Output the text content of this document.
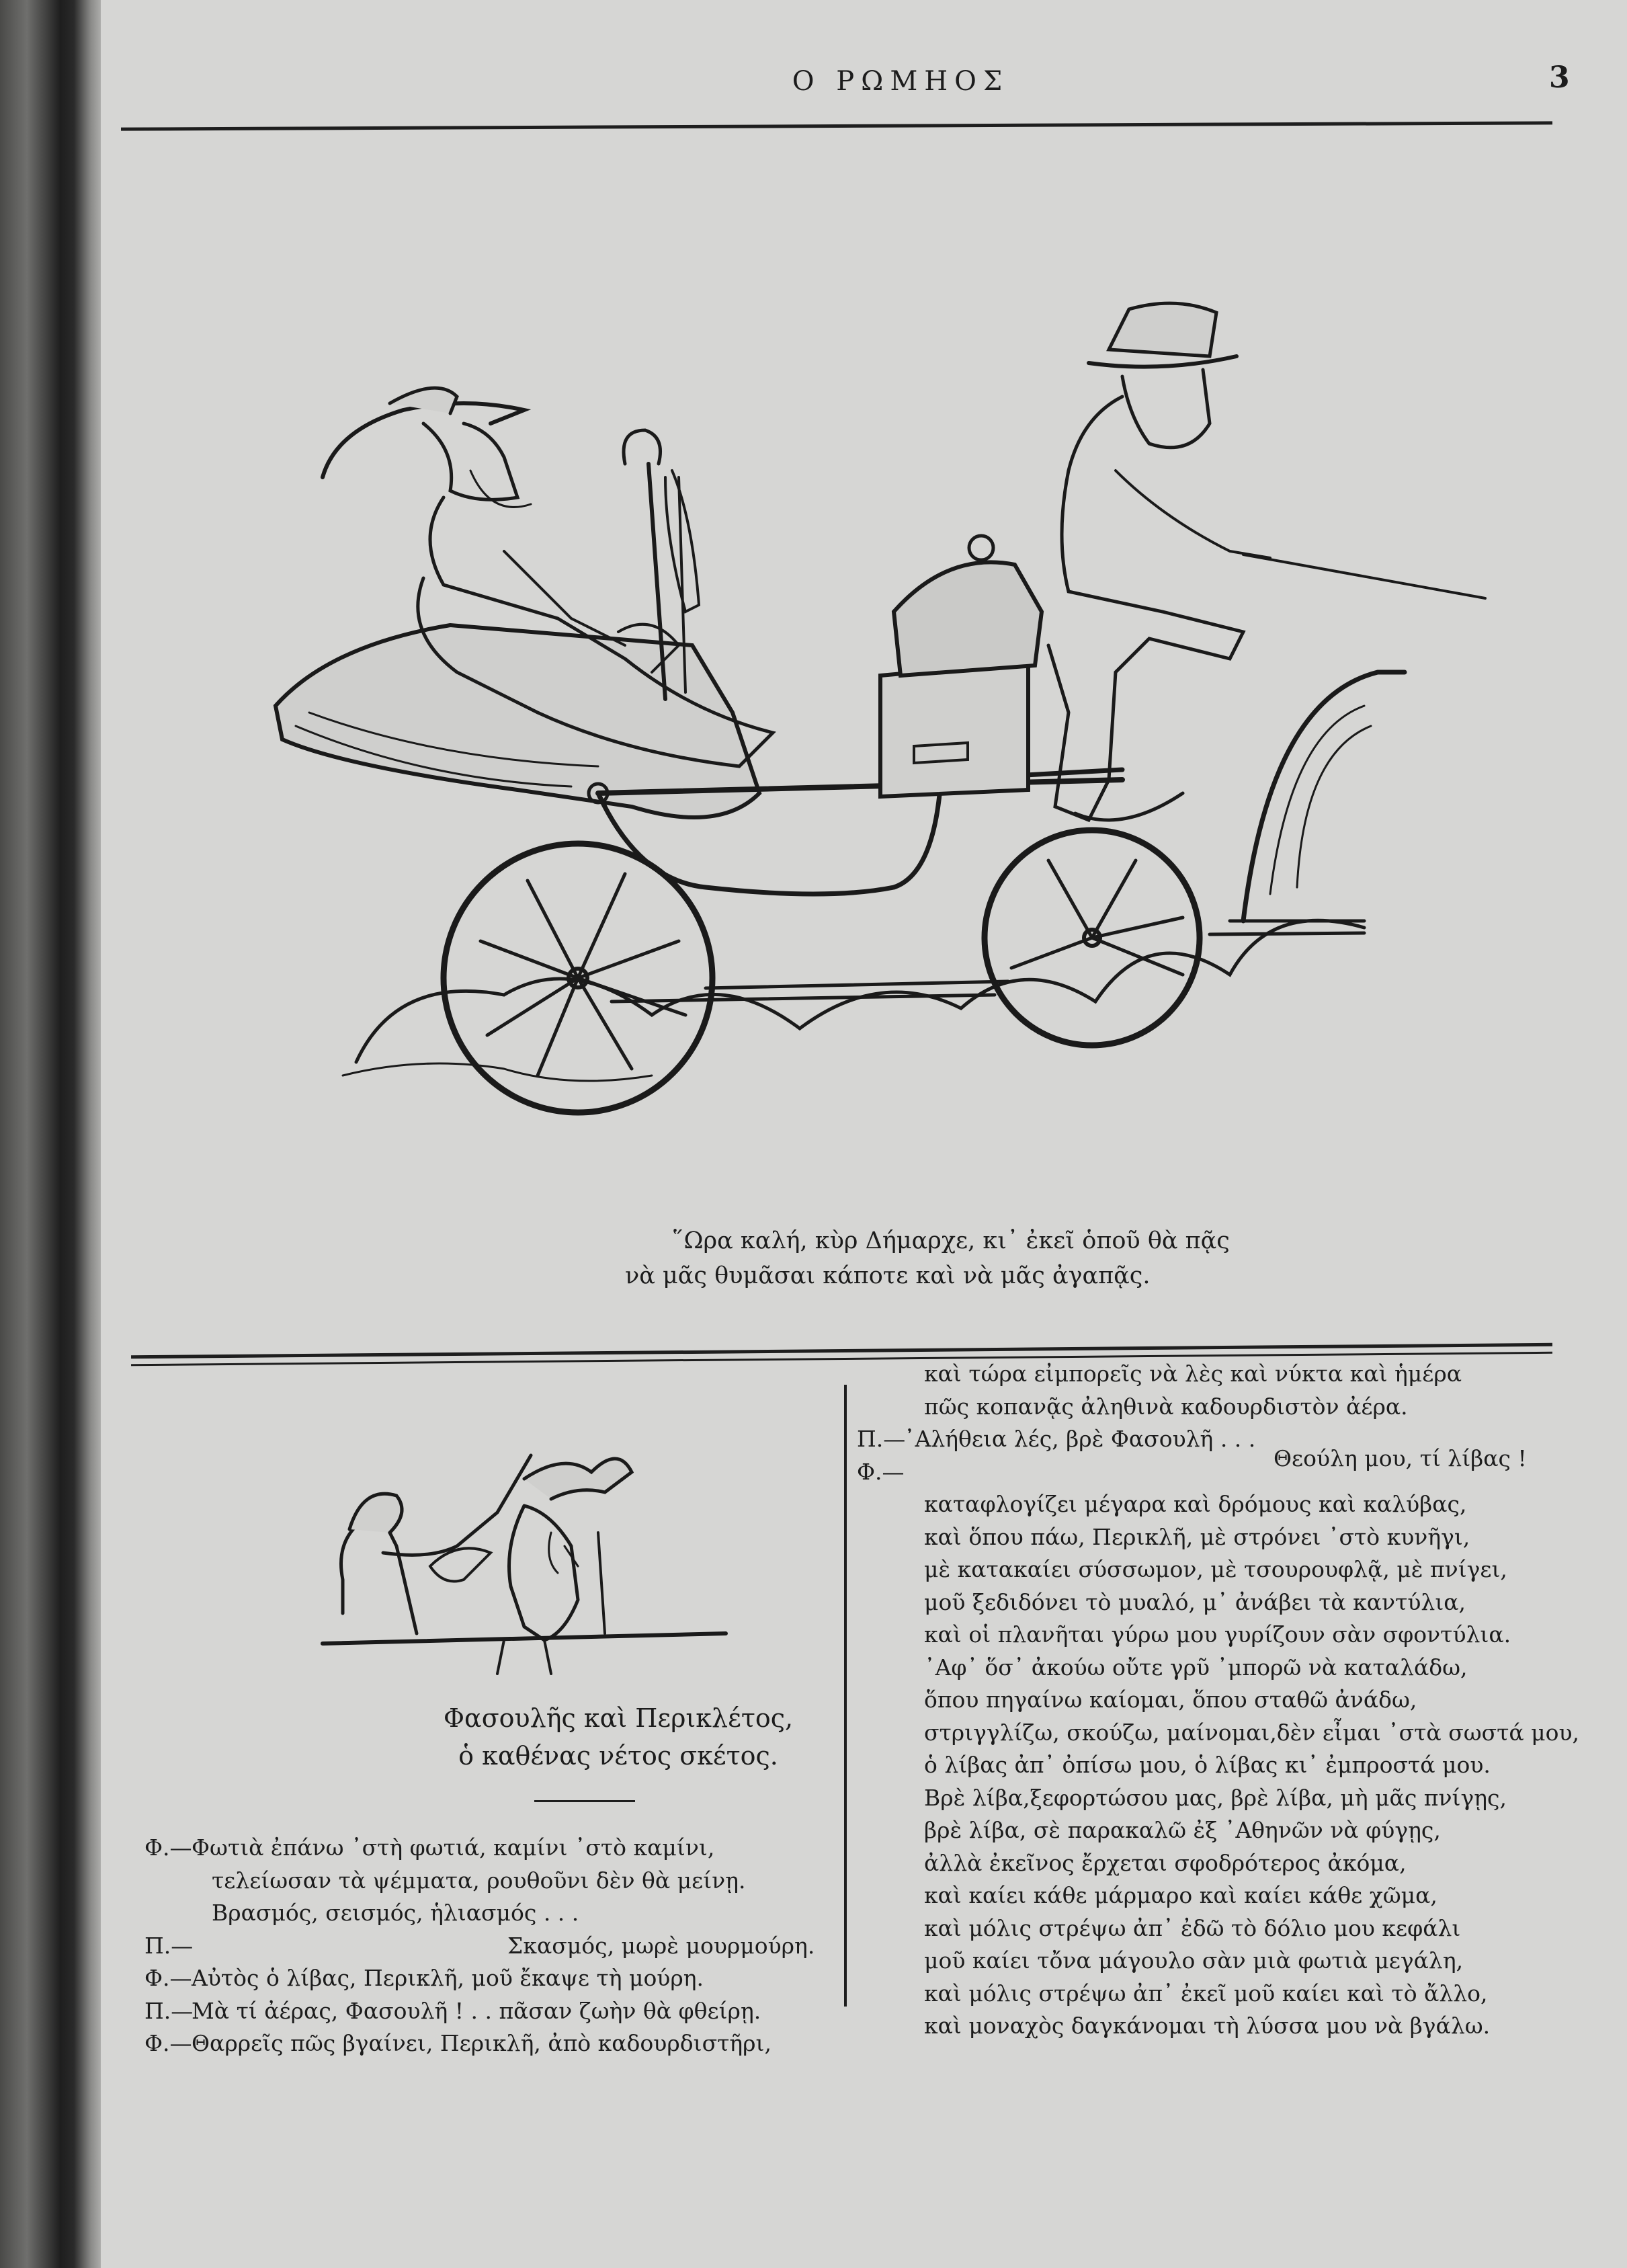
Ο ΡΩΜΗΟΣ	3
῞Ωρα καλή, κὺρ Δήμαρχε, κι᾿ ἐκεῖ ὁποῦ θὰ πᾷς
νὰ μᾶς θυμᾶσαι κάποτε καὶ νὰ μᾶς ἀγαπᾷς.
Φασουλῆς καὶ Περικλέτος,
ὁ καθένας νέτος σκέτος.
Φ.—Φωτιὰ ἐπάνω ᾿στὴ φωτιά, καμίνι ᾿στὸ καμίνι,
τελείωσαν τὰ ψέμματα, ρουθοῦνι δὲν θὰ μείνῃ.
Βρασμός, σεισμός, ἡλιασμός . . .
Π.—	Σκασμός, μωρὲ μουρμούρη.
Φ.—Αὐτὸς ὁ λίβας, Περικλῆ, μοῦ ἔκαψε τὴ μούρη.
Π.—Μὰ τί ἀέρας, Φασουλῆ ! . . πᾶσαν ζωὴν θὰ φθείρῃ.
Φ.—Θαρρεῖς πῶς βγαίνει, Περικλῆ, ἀπὸ καδουρδιστῆρι,
καὶ τώρα εἰμπορεῖς νὰ λὲς καὶ νύκτα καὶ ἡμέρα
πῶς κοπανᾷς ἀληθινὰ καδουρδιστὸν ἀέρα.
Π.—᾿Αλήθεια λές, βρὲ Φασουλῆ . . .
Φ.—
Θεούλη μου, τί λίβας !
καταφλογίζει μέγαρα καὶ δρόμους καὶ καλύβας,
καὶ ὅπου πάω, Περικλῆ, μὲ στρόνει ᾿στὸ κυνῆγι,
μὲ κατακαίει σύσσωμον, μὲ τσουρουφλᾷ, μὲ πνίγει,
μοῦ ξεδιδόνει τὸ μυαλό, μ᾿ ἀνάβει τὰ καντύλια,
καὶ οἱ πλανῆται γύρω μου γυρίζουν σὰν σφοντύλια.
᾿Αφ᾿ ὅσ᾿ ἀκούω οὔτε γρῦ ᾿μπορῶ νὰ καταλάδω,
ὅπου πηγαίνω καίομαι, ὅπου σταθῶ ἀνάδω,
στριγγλίζω, σκούζω, μαίνομαι,δὲν εἶμαι ᾿στὰ σωστά μου,
ὁ λίβας ἀπ᾿ ὀπίσω μου, ὁ λίβας κι᾿ ἐμπροστά μου.
Βρὲ λίβα,ξεφορτώσου μας, βρὲ λίβα, μὴ μᾶς πνίγῃς,
βρὲ λίβα, σὲ παρακαλῶ ἐξ ᾿Αθηνῶν νὰ φύγῃς,
ἀλλὰ ἐκεῖνος ἔρχεται σφοδρότερος ἀκόμα,
καὶ καίει κάθε μάρμαρο καὶ καίει κάθε χῶμα,
καὶ μόλις στρέψω ἀπ᾿ ἐδῶ τὸ δόλιο μου κεφάλι
μοῦ καίει τὄνα μάγουλο σὰν μιὰ φωτιὰ μεγάλη,
καὶ μόλις στρέψω ἀπ᾿ ἐκεῖ μοῦ καίει καὶ τὸ ἄλλο,
καὶ μοναχὸς δαγκάνομαι τὴ λύσσα μου νὰ βγάλω.
